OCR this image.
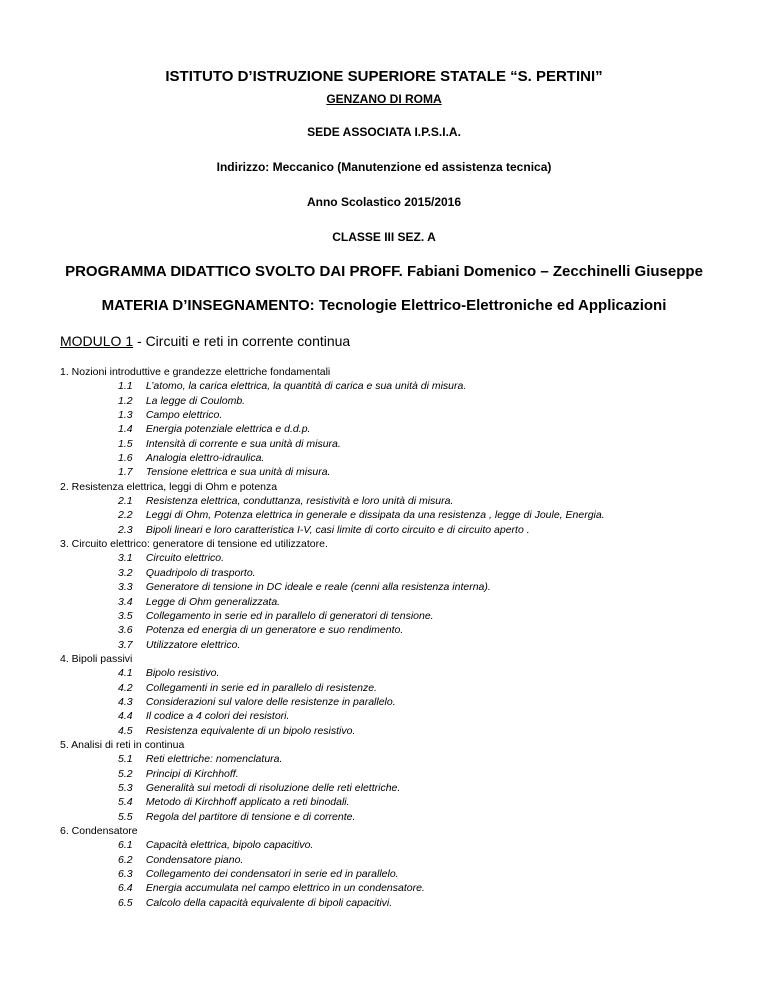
ISTITUTO D’ISTRUZIONE SUPERIORE STATALE “S. PERTINI”
GENZANO DI ROMA
SEDE ASSOCIATA I.P.S.I.A.
Indirizzo: Meccanico (Manutenzione ed assistenza tecnica)
Anno Scolastico 2015/2016
CLASSE III SEZ. A
PROGRAMMA DIDATTICO SVOLTO DAI PROFF. Fabiani Domenico – Zecchinelli Giuseppe
MATERIA D’INSEGNAMENTO: Tecnologie Elettrico-Elettroniche ed Applicazioni
MODULO 1 - Circuiti e reti in corrente continua
1. Nozioni introduttive e grandezze elettriche fondamentali
1.1 L’atomo, la carica elettrica, la quantità di carica e sua unità di misura.
1.2 La legge di Coulomb.
1.3 Campo elettrico.
1.4 Energia potenziale elettrica e d.d.p.
1.5 Intensità di corrente e sua unità di misura.
1.6 Analogia elettro-idraulica.
1.7 Tensione elettrica e sua unità di misura.
2. Resistenza elettrica, leggi di Ohm e potenza
2.1 Resistenza elettrica, conduttanza, resistività e loro unità di misura.
2.2 Leggi di Ohm, Potenza elettrica in generale e dissipata da una resistenza , legge di Joule, Energia.
2.3 Bipoli lineari e loro caratteristica I-V, casi limite di corto circuito e di circuito aperto .
3. Circuito elettrico: generatore di tensione ed utilizzatore.
3.1 Circuito elettrico.
3.2 Quadripolo di trasporto.
3.3 Generatore di tensione in DC ideale e reale (cenni alla resistenza interna).
3.4 Legge di Ohm generalizzata.
3.5 Collegamento in serie ed in parallelo di generatori di tensione.
3.6 Potenza ed energia di un generatore e suo rendimento.
3.7 Utilizzatore elettrico.
4. Bipoli passivi
4.1 Bipolo resistivo.
4.2 Collegamenti in serie ed in parallelo di resistenze.
4.3 Considerazioni sul valore delle resistenze in parallelo.
4.4 Il codice a 4 colori dei resistori.
4.5 Resistenza equivalente di un bipolo resistivo.
5. Analisi di reti in continua
5.1 Reti elettriche: nomenclatura.
5.2 Principi di Kirchhoff.
5.3 Generalità sui metodi di risoluzione delle reti elettriche.
5.4 Metodo di Kirchhoff applicato a reti binodali.
5.5 Regola del partitore di tensione e di corrente.
6. Condensatore
6.1 Capacità elettrica, bipolo capacitivo.
6.2 Condensatore piano.
6.3 Collegamento dei condensatori in serie ed in parallelo.
6.4 Energia accumulata nel campo elettrico in un condensatore.
6.5 Calcolo della capacità equivalente di bipoli capacitivi.
